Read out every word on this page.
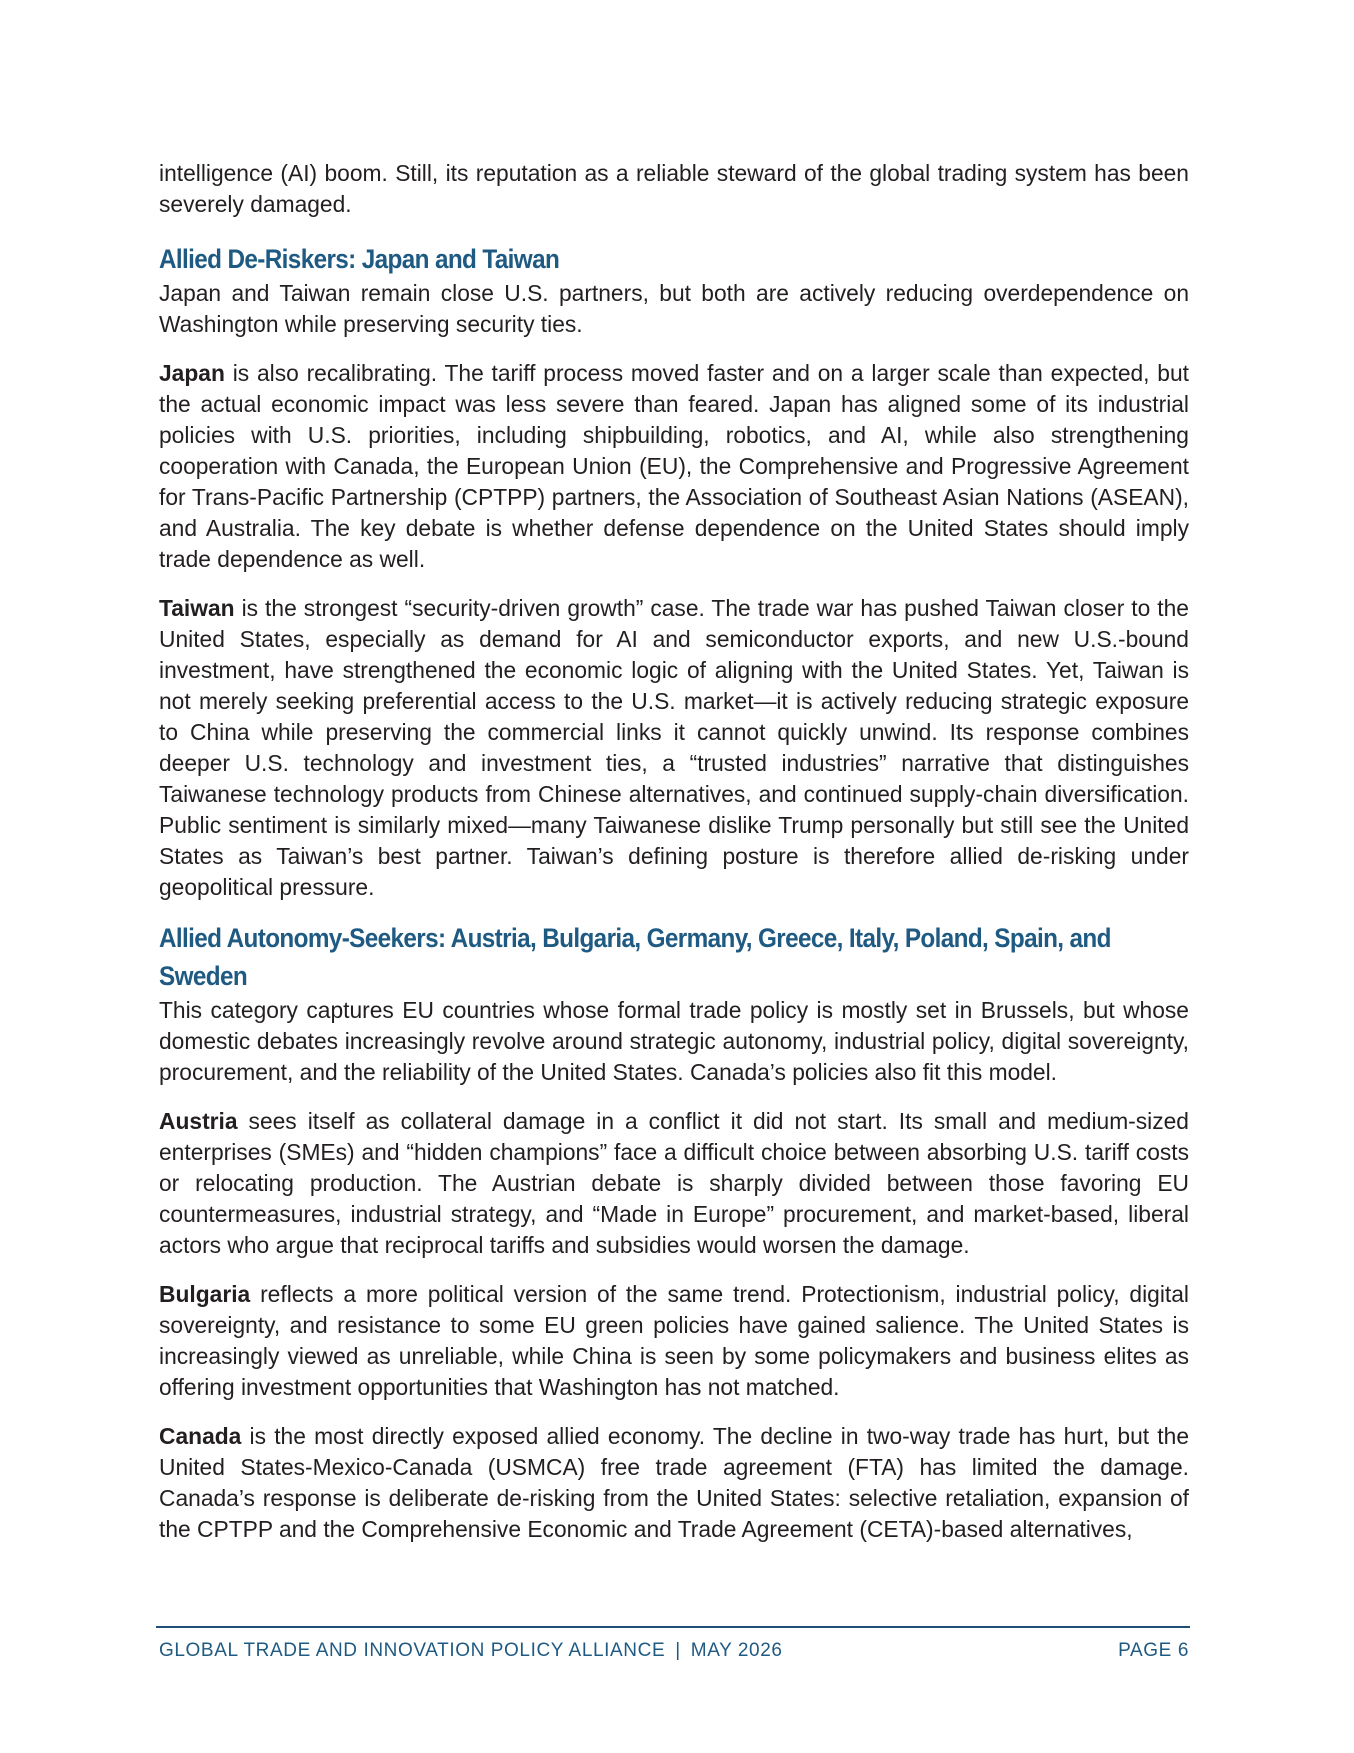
intelligence (AI) boom. Still, its reputation as a reliable steward of the global trading system has been severely damaged.

Allied De-Riskers: Japan and Taiwan

Japan and Taiwan remain close U.S. partners, but both are actively reducing overdependence on Washington while preserving security ties.

Japan is also recalibrating. The tariff process moved faster and on a larger scale than expected, but the actual economic impact was less severe than feared. Japan has aligned some of its industrial policies with U.S. priorities, including shipbuilding, robotics, and AI, while also strengthening cooperation with Canada, the European Union (EU), the Comprehensive and Progressive Agreement for Trans-Pacific Partnership (CPTPP) partners, the Association of Southeast Asian Nations (ASEAN), and Australia. The key debate is whether defense dependence on the United States should imply trade dependence as well.

Taiwan is the strongest “security-driven growth” case. The trade war has pushed Taiwan closer to the United States, especially as demand for AI and semiconductor exports, and new U.S.-bound investment, have strengthened the economic logic of aligning with the United States. Yet, Taiwan is not merely seeking preferential access to the U.S. market—it is actively reducing strategic exposure to China while preserving the commercial links it cannot quickly unwind. Its response combines deeper U.S. technology and investment ties, a “trusted industries” narrative that distinguishes Taiwanese technology products from Chinese alternatives, and continued supply-chain diversification. Public sentiment is similarly mixed—many Taiwanese dislike Trump personally but still see the United States as Taiwan’s best partner. Taiwan’s defining posture is therefore allied de-risking under geopolitical pressure.

Allied Autonomy-Seekers: Austria, Bulgaria, Germany, Greece, Italy, Poland, Spain, and Sweden

This category captures EU countries whose formal trade policy is mostly set in Brussels, but whose domestic debates increasingly revolve around strategic autonomy, industrial policy, digital sovereignty, procurement, and the reliability of the United States. Canada’s policies also fit this model.

Austria sees itself as collateral damage in a conflict it did not start. Its small and medium-sized enterprises (SMEs) and “hidden champions” face a difficult choice between absorbing U.S. tariff costs or relocating production. The Austrian debate is sharply divided between those favoring EU countermeasures, industrial strategy, and “Made in Europe” procurement, and market-based, liberal actors who argue that reciprocal tariffs and subsidies would worsen the damage.

Bulgaria reflects a more political version of the same trend. Protectionism, industrial policy, digital sovereignty, and resistance to some EU green policies have gained salience. The United States is increasingly viewed as unreliable, while China is seen by some policymakers and business elites as offering investment opportunities that Washington has not matched.

Canada is the most directly exposed allied economy. The decline in two-way trade has hurt, but the United States-Mexico-Canada (USMCA) free trade agreement (FTA) has limited the damage. Canada’s response is deliberate de-risking from the United States: selective retaliation, expansion of the CPTPP and the Comprehensive Economic and Trade Agreement (CETA)-based alternatives,

GLOBAL TRADE AND INNOVATION POLICY ALLIANCE | MAY 2026	PAGE 6
